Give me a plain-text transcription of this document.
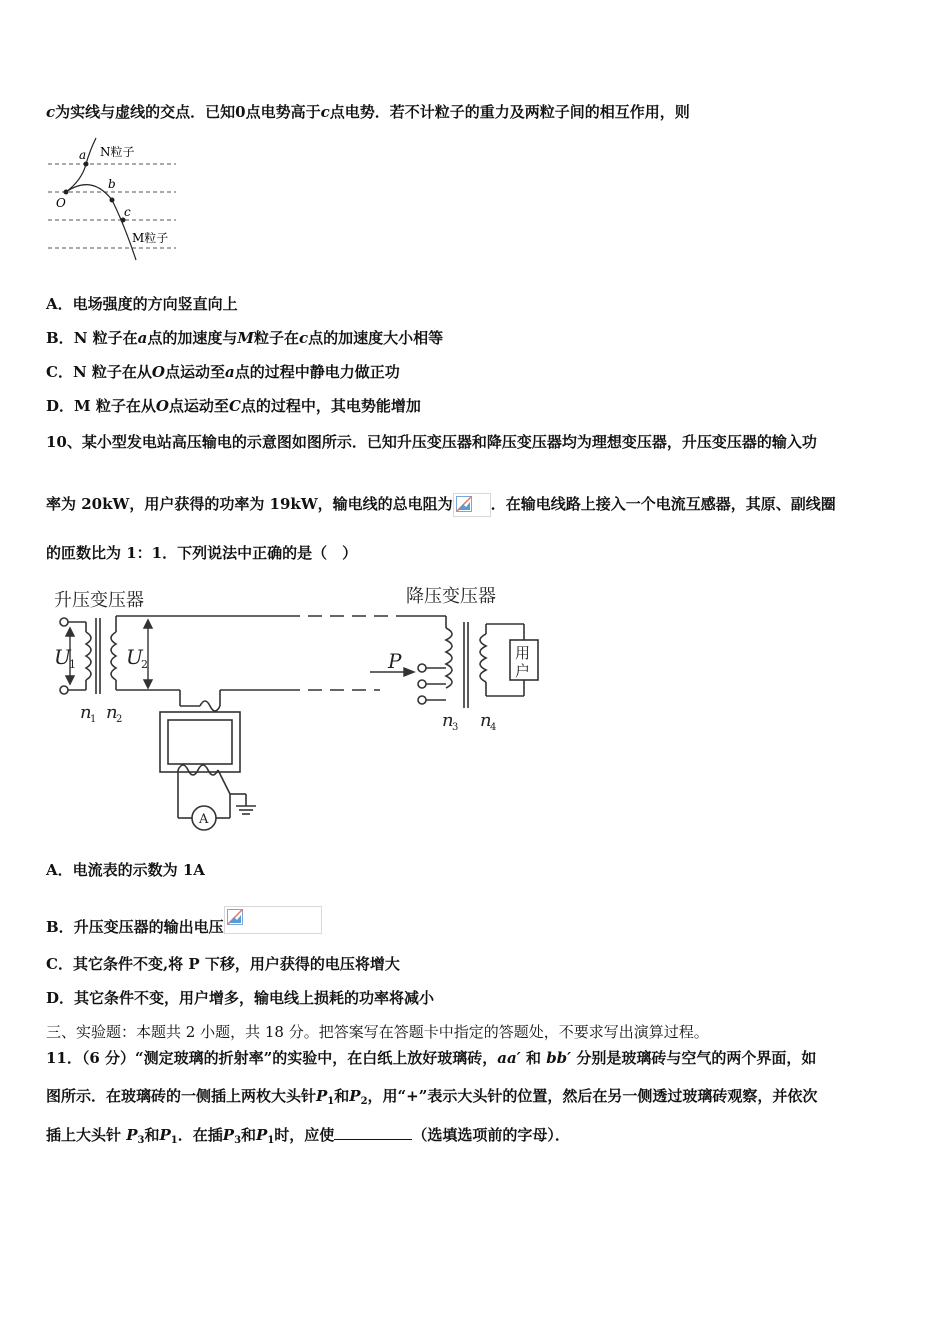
c为实线与虚线的交点．已知0点电势高于c点电势．若不计粒子的重力及两粒子间的相互作用，则
O
a
b
c
N粒子
M粒子
A．电场强度的方向竖直向上
B．N 粒子在a点的加速度与M粒子在c点的加速度大小相等
C．N 粒子在从O点运动至a点的过程中静电力做正功
D．M 粒子在从O点运动至C点的过程中，其电势能增加
10、某小型发电站高压输电的示意图如图所示．已知升压变压器和降压变压器均为理想变压器，升压变压器的输入功
率为 20kW，用户获得的功率为 19kW，输电线的总电阻为	．在输电线路上接入一个电流互感器，其原、副线圈
的匝数比为 1：1．下列说法中正确的是（　）
升压变压器	降压变压器
U
1	U
2	P
n
1 n
2	n
3 n
4
用
户
A
A．电流表的示数为 1A
B．升压变压器的输出电压
C．其它条件不变,将 P 下移，用户获得的电压将增大
D．其它条件不变，用户增多，输电线上损耗的功率将减小
三、实验题：本题共 2 小题，共 18 分。把答案写在答题卡中指定的答题处，不要求写出演算过程。
11．（6 分）“测定玻璃的折射率”的实验中，在白纸上放好玻璃砖，aa′ 和 bb′ 分别是玻璃砖与空气的两个界面，如
图所示．在玻璃砖的一侧插上两枚大头针$P_1$和$P_2$，用“+”表示大头针的位置，然后在另一侧透过玻璃砖观察，并依次
插上大头针 $P_3$和$P_1$．在插$P_3$和$P_1$时，应使	（选填选项前的字母）．
